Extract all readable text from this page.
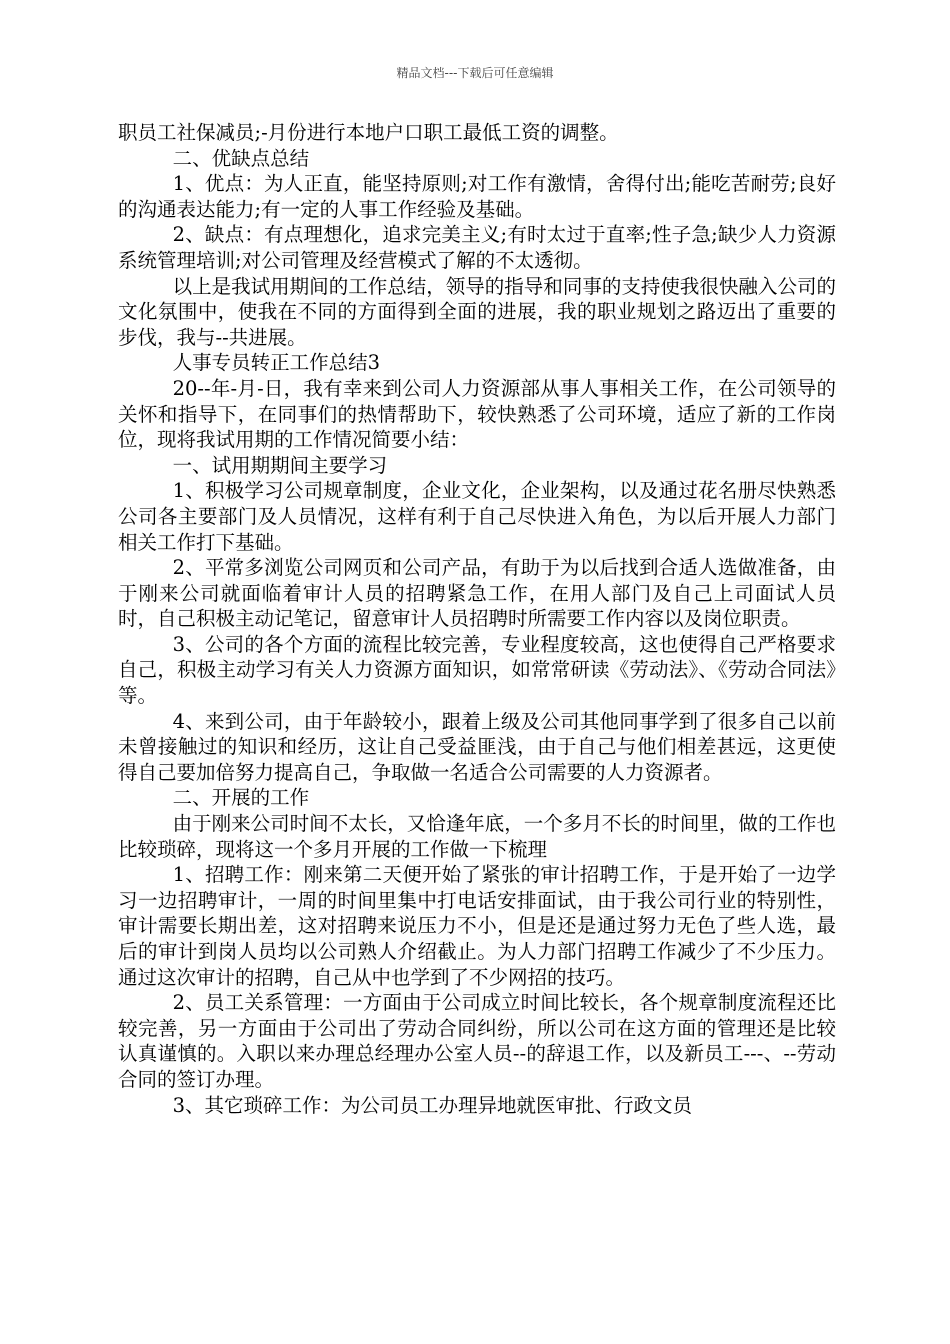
精品文档---下载后可任意编辑

职员工社保减员;-月份进行本地户口职工最低工资的调整。

二、优缺点总结

1、优点：为人正直，能坚持原则;对工作有激情，舍得付出;能吃苦耐劳;良好的沟通表达能力;有一定的人事工作经验及基础。

2、缺点：有点理想化，追求完美主义;有时太过于直率;性子急;缺少人力资源系统管理培训;对公司管理及经营模式了解的不太透彻。

以上是我试用期间的工作总结，领导的指导和同事的支持使我很快融入公司的文化氛围中，使我在不同的方面得到全面的进展，我的职业规划之路迈出了重要的步伐，我与--共进展。

人事专员转正工作总结3

20--年-月-日，我有幸来到公司人力资源部从事人事相关工作，在公司领导的关怀和指导下，在同事们的热情帮助下，较快熟悉了公司环境，适应了新的工作岗位，现将我试用期的工作情况简要小结：

一、试用期期间主要学习

1、积极学习公司规章制度，企业文化，企业架构，以及通过花名册尽快熟悉公司各主要部门及人员情况，这样有利于自己尽快进入角色，为以后开展人力部门相关工作打下基础。

2、平常多浏览公司网页和公司产品，有助于为以后找到合适人选做准备，由于刚来公司就面临着审计人员的招聘紧急工作，在用人部门及自己上司面试人员时，自己积极主动记笔记，留意审计人员招聘时所需要工作内容以及岗位职责。

3、公司的各个方面的流程比较完善，专业程度较高，这也使得自己严格要求自己，积极主动学习有关人力资源方面知识，如常常研读《劳动法》、《劳动合同法》等。

4、来到公司，由于年龄较小，跟着上级及公司其他同事学到了很多自己以前未曾接触过的知识和经历，这让自己受益匪浅，由于自己与他们相差甚远，这更使得自己要加倍努力提高自己，争取做一名适合公司需要的人力资源者。

二、开展的工作

由于刚来公司时间不太长，又恰逢年底，一个多月不长的时间里，做的工作也比较琐碎，现将这一个多月开展的工作做一下梳理

1、招聘工作：刚来第二天便开始了紧张的审计招聘工作，于是开始了一边学习一边招聘审计，一周的时间里集中打电话安排面试，由于我公司行业的特别性，审计需要长期出差，这对招聘来说压力不小，但是还是通过努力无色了些人选，最后的审计到岗人员均以公司熟人介绍截止。为人力部门招聘工作减少了不少压力。通过这次审计的招聘，自己从中也学到了不少网招的技巧。

2、员工关系管理：一方面由于公司成立时间比较长，各个规章制度流程还比较完善，另一方面由于公司出了劳动合同纠纷，所以公司在这方面的管理还是比较认真谨慎的。入职以来办理总经理办公室人员--的辞退工作，以及新员工---、--劳动合同的签订办理。

3、其它琐碎工作：为公司员工办理异地就医审批、行政文员
